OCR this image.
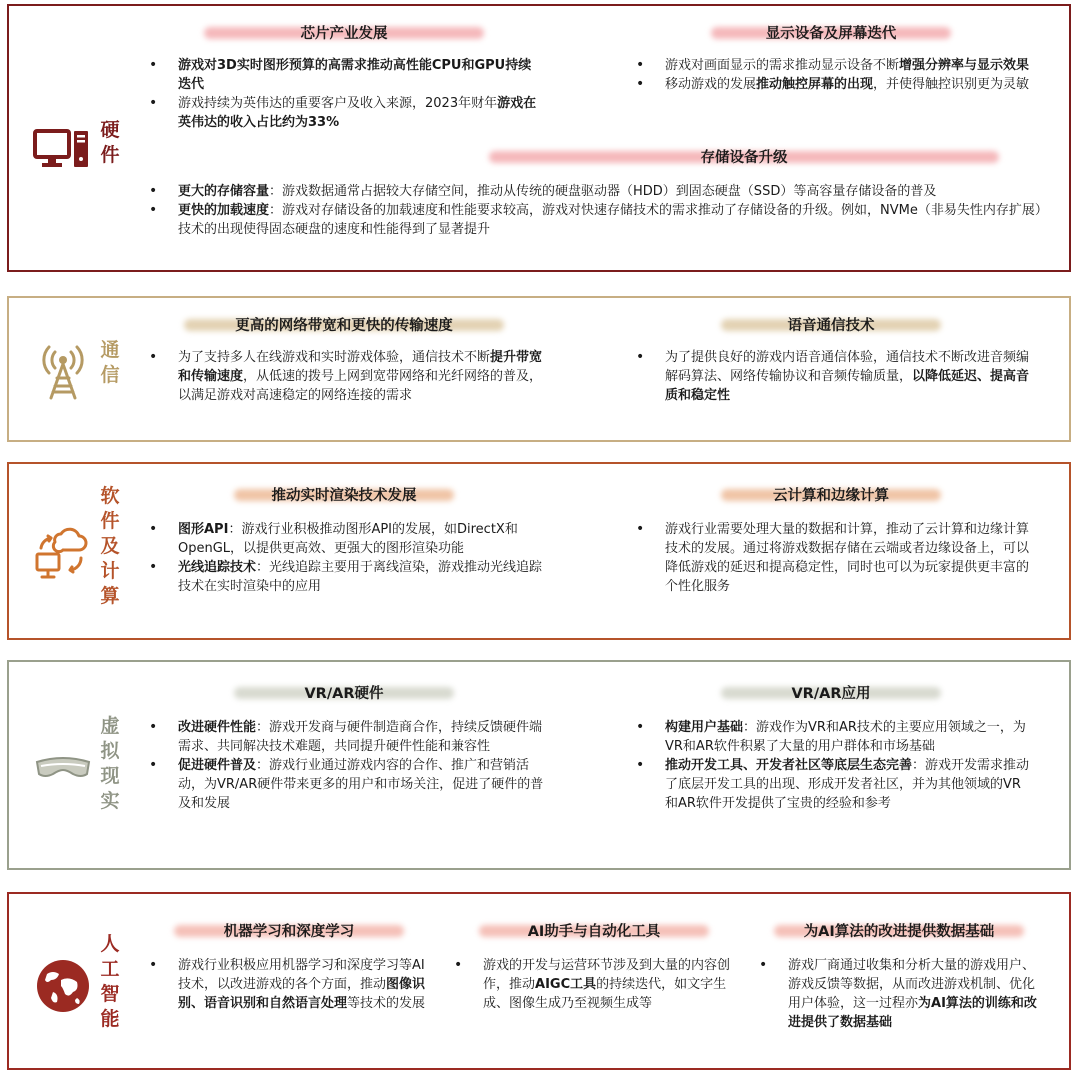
硬件
芯片产业发展
• 游戏对3D实时图形预算的高需求推动高性能CPU和GPU持续迭代
• 游戏持续为英伟达的重要客户及收入来源，2023年财年游戏在英伟达的收入占比约为33%
显示设备及屏幕迭代
• 游戏对画面显示的需求推动显示设备不断增强分辨率与显示效果
• 移动游戏的发展推动触控屏幕的出现，并使得触控识别更为灵敏
存储设备升级
• 更大的存储容量：游戏数据通常占据较大存储空间，推动从传统的硬盘驱动器（HDD）到固态硬盘（SSD）等高容量存储设备的普及
• 更快的加载速度：游戏对存储设备的加载速度和性能要求较高，游戏对快速存储技术的需求推动了存储设备的升级。例如，NVMe（非易失性内存扩展）技术的出现使得固态硬盘的速度和性能得到了显著提升
通信
更高的网络带宽和更快的传输速度
• 为了支持多人在线游戏和实时游戏体验，通信技术不断提升带宽和传输速度，从低速的拨号上网到宽带网络和光纤网络的普及，以满足游戏对高速稳定的网络连接的需求
语音通信技术
• 为了提供良好的游戏内语音通信体验，通信技术不断改进音频编解码算法、网络传输协议和音频传输质量，以降低延迟、提高音质和稳定性
软件及计算
推动实时渲染技术发展
• 图形API：游戏行业积极推动图形API的发展，如DirectX和OpenGL，以提供更高效、更强大的图形渲染功能
• 光线追踪技术：光线追踪主要用于离线渲染，游戏推动光线追踪技术在实时渲染中的应用
云计算和边缘计算
• 游戏行业需要处理大量的数据和计算，推动了云计算和边缘计算技术的发展。通过将游戏数据存储在云端或者边缘设备上，可以降低游戏的延迟和提高稳定性，同时也可以为玩家提供更丰富的个性化服务
虚拟现实
VR/AR硬件
• 改进硬件性能：游戏开发商与硬件制造商合作，持续反馈硬件端需求、共同解决技术难题，共同提升硬件性能和兼容性
• 促进硬件普及：游戏行业通过游戏内容的合作、推广和营销活动，为VR/AR硬件带来更多的用户和市场关注，促进了硬件的普及和发展
VR/AR应用
• 构建用户基础：游戏作为VR和AR技术的主要应用领域之一，为VR和AR软件积累了大量的用户群体和市场基础
• 推动开发工具、开发者社区等底层生态完善：游戏开发需求推动了底层开发工具的出现、形成开发者社区，并为其他领域的VR和AR软件开发提供了宝贵的经验和参考
人工智能
机器学习和深度学习
• 游戏行业积极应用机器学习和深度学习等AI技术，以改进游戏的各个方面，推动图像识别、语音识别和自然语言处理等技术的发展
AI助手与自动化工具
• 游戏的开发与运营环节涉及到大量的内容创作，推动AIGC工具的持续迭代，如文字生成、图像生成乃至视频生成等
为AI算法的改进提供数据基础
• 游戏厂商通过收集和分析大量的游戏用户、游戏反馈等数据，从而改进游戏机制、优化用户体验，这一过程亦为AI算法的训练和改进提供了数据基础
